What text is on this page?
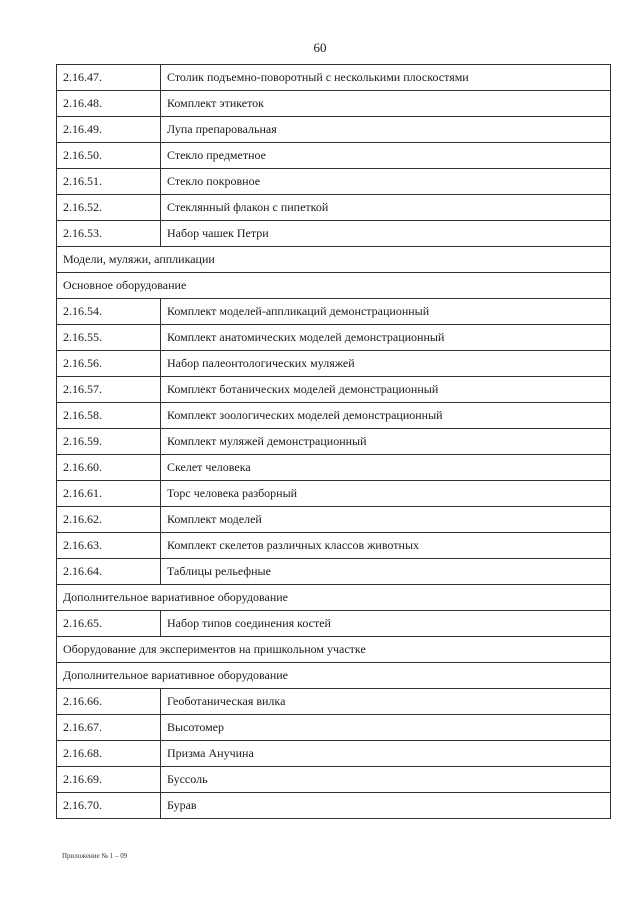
60
2.16.47.	Столик подъемно-поворотный с несколькими плоскостями
2.16.48.	Комплект этикеток
2.16.49.	Лупа препаровальная
2.16.50.	Стекло предметное
2.16.51.	Стекло покровное
2.16.52.	Стеклянный флакон с пипеткой
2.16.53.	Набор чашек Петри
Модели, муляжи, аппликации	
Основное оборудование	
2.16.54.	Комплект моделей-аппликаций демонстрационный
2.16.55.	Комплект анатомических моделей демонстрационный
2.16.56.	Набор палеонтологических муляжей
2.16.57.	Комплект ботанических моделей демонстрационный
2.16.58.	Комплект зоологических моделей демонстрационный
2.16.59.	Комплект муляжей демонстрационный
2.16.60.	Скелет человека
2.16.61.	Торс человека разборный
2.16.62.	Комплект моделей
2.16.63.	Комплект скелетов различных классов животных
2.16.64.	Таблицы рельефные
Дополнительное вариативное оборудование	
2.16.65.	Набор типов соединения костей
Оборудование для экспериментов на пришкольном участке	
Дополнительное вариативное оборудование	
2.16.66.	Геоботаническая вилка
2.16.67.	Высотомер
2.16.68.	Призма Анучина
2.16.69.	Буссоль
2.16.70.	Бурав
Приложение № 1 – 09
